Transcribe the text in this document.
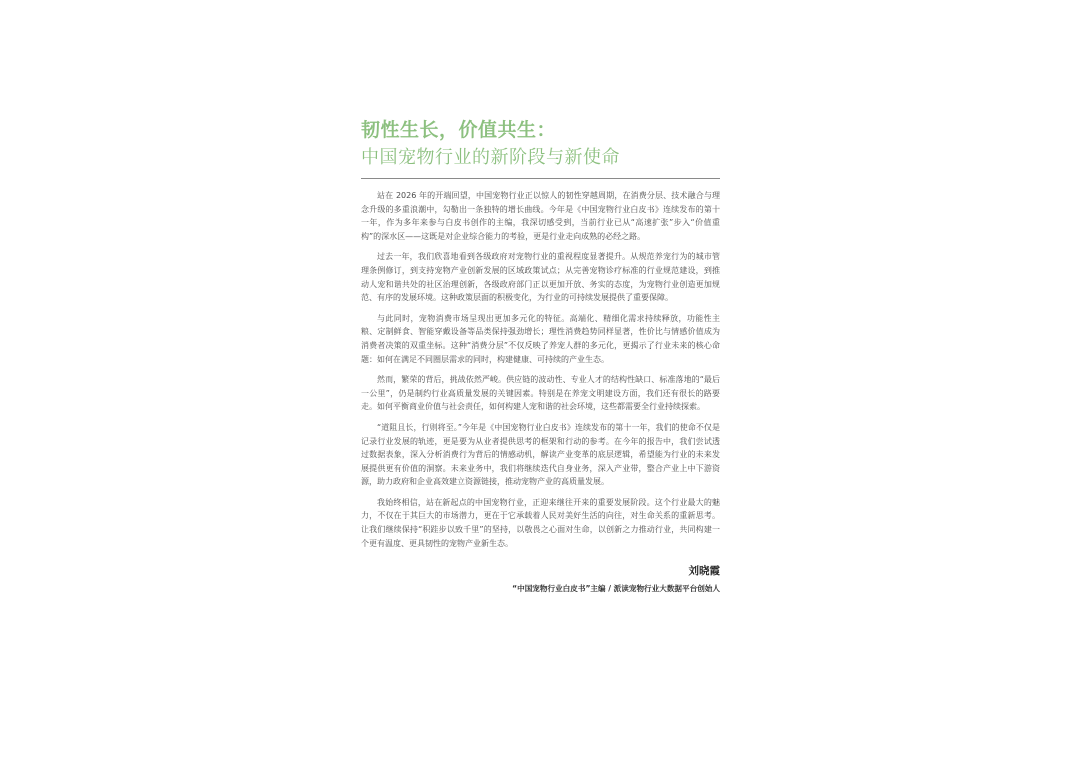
韧性生长，价值共生：
中国宠物行业的新阶段与新使命

站在 2026 年的开端回望，中国宠物行业正以惊人的韧性穿越周期，在消费分层、技术融合与理念升级的多重浪潮中，勾勒出一条独特的增长曲线。今年是《中国宠物行业白皮书》连续发布的第十一年，作为多年来参与白皮书创作的主编，我深切感受到，当前行业已从“高速扩张”步入“价值重构”的深水区——这既是对企业综合能力的考验，更是行业走向成熟的必经之路。

过去一年，我们欣喜地看到各级政府对宠物行业的重视程度显著提升。从规范养宠行为的城市管理条例修订，到支持宠物产业创新发展的区域政策试点；从完善宠物诊疗标准的行业规范建设，到推动人宠和谐共处的社区治理创新，各级政府部门正以更加开放、务实的态度，为宠物行业创造更加规范、有序的发展环境。这种政策层面的积极变化，为行业的可持续发展提供了重要保障。

与此同时，宠物消费市场呈现出更加多元化的特征。高端化、精细化需求持续释放，功能性主粮、定制鲜食、智能穿戴设备等品类保持强劲增长；理性消费趋势同样显著，性价比与情感价值成为消费者决策的双重坐标。这种“消费分层”不仅反映了养宠人群的多元化，更揭示了行业未来的核心命题：如何在满足不同圈层需求的同时，构建健康、可持续的产业生态。

然而，繁荣的背后，挑战依然严峻。供应链的波动性、专业人才的结构性缺口、标准落地的“最后一公里”，仍是制约行业高质量发展的关键因素。特别是在养宠文明建设方面，我们还有很长的路要走。如何平衡商业价值与社会责任，如何构建人宠和谐的社会环境，这些都需要全行业持续探索。

“道阻且长，行则将至。”今年是《中国宠物行业白皮书》连续发布的第十一年，我们的使命不仅是记录行业发展的轨迹，更是要为从业者提供思考的框架和行动的参考。在今年的报告中，我们尝试透过数据表象，深入分析消费行为背后的情感动机，解读产业变革的底层逻辑，希望能为行业的未来发展提供更有价值的洞察。未来业务中，我们将继续迭代自身业务，深入产业带，整合产业上中下游资源，助力政府和企业高效建立资源链接，推动宠物产业的高质量发展。

我始终相信，站在新起点的中国宠物行业，正迎来继往开来的重要发展阶段。这个行业最大的魅力，不仅在于其巨大的市场潜力，更在于它承载着人民对美好生活的向往，对生命关系的重新思考。让我们继续保持“积跬步以致千里”的坚持，以敬畏之心面对生命，以创新之力推动行业，共同构建一个更有温度、更具韧性的宠物产业新生态。

刘晓霞
“中国宠物行业白皮书”主编 / 派读宠物行业大数据平台创始人
